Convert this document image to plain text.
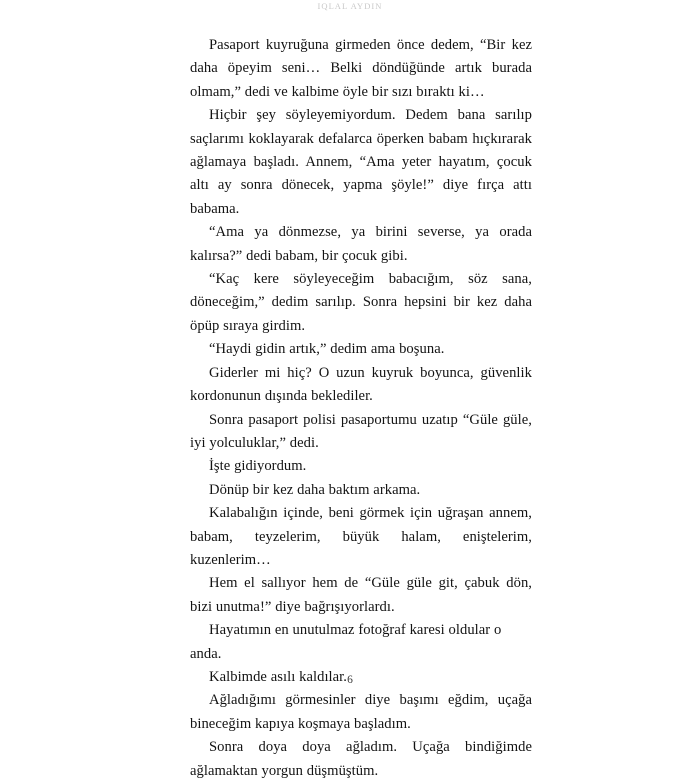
IQLAL AYDIN

Pasaport kuyruğuna girmeden önce dedem, “Bir kez daha öpeyim seni… Belki döndüğünde artık burada olmam,” dedi ve kalbime öyle bir sızı bıraktı ki…

Hiçbir şey söyleyemiyordum. Dedem bana sarılıp saçlarımı koklayarak defalarca öperken babam hıçkırarak ağlamaya başladı. Annem, “Ama yeter hayatım, çocuk altı ay sonra dönecek, yapma şöyle!” diye fırça attı babama.

“Ama ya dönmezse, ya birini severse, ya orada kalırsa?” dedi babam, bir çocuk gibi.

“Kaç kere söyleyeceğim babacığım, söz sana, döneceğim,” dedim sarılıp. Sonra hepsini bir kez daha öpüp sıraya girdim.

“Haydi gidin artık,” dedim ama boşuna.

Giderler mi hiç? O uzun kuyruk boyunca, güvenlik kordonunun dışında beklediler.

Sonra pasaport polisi pasaportumu uzatıp “Güle güle, iyi yolculuklar,” dedi.

İşte gidiyordum.

Dönüp bir kez daha baktım arkama.

Kalabalığın içinde, beni görmek için uğraşan annem, babam, teyzelerim, büyük halam, eniştelerim, kuzenlerim…

Hem el sallıyor hem de “Güle güle git, çabuk dön, bizi unutma!” diye bağrışıyorlardı.

Hayatımın en unutulmaz fotoğraf karesi oldular o anda.

Kalbimde asılı kaldılar.

Ağladığımı görmesinler diye başımı eğdim, uçağa bineceğim kapıya koşmaya başladım.

Sonra doya doya ağladım. Uçağa bindiğimde ağlamaktan yorgun düşmüştüm.

6
